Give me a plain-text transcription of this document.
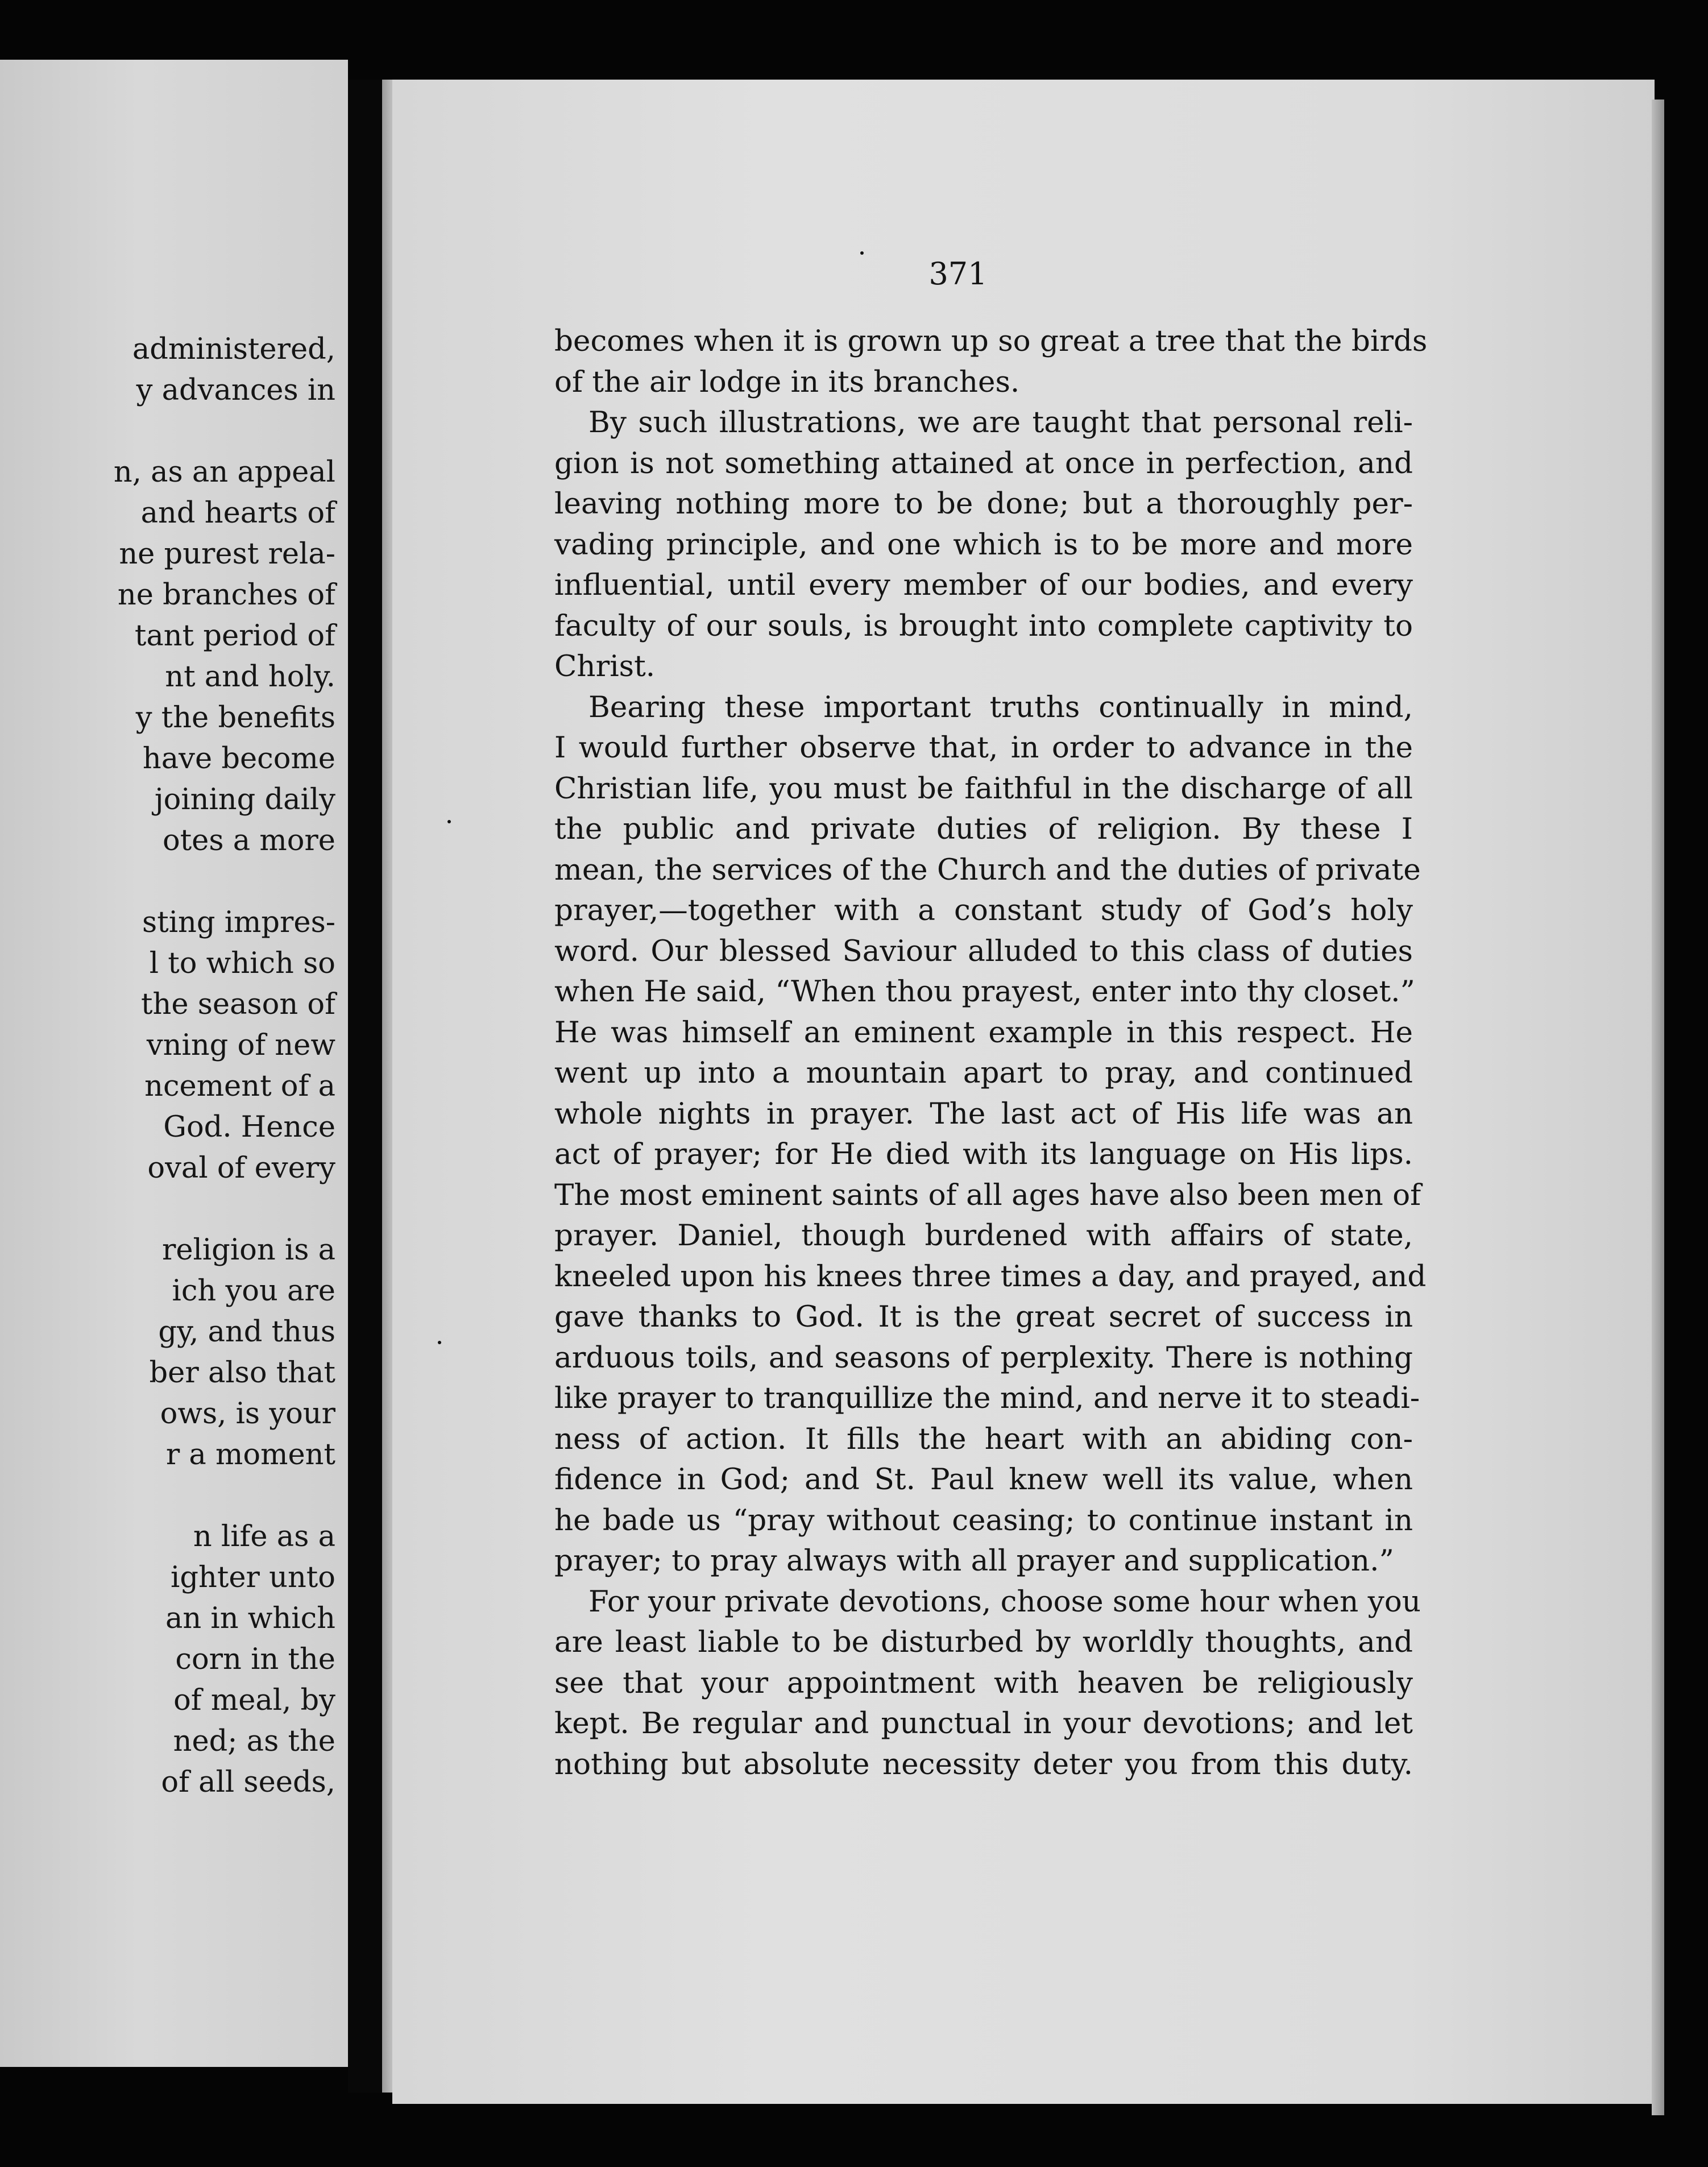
administered,
y advances in
n, as an appeal
and hearts of
ne purest rela-
ne branches of
tant period of
nt and holy.
y the benefits
have become
joining daily
otes a more
sting impres-
l to which so
the season of
vning of new
ncement of a
God. Hence
oval of every
religion is a
ich you are
gy, and thus
ber also that
ows, is your
r a moment
n life as a
ighter unto
an in which
corn in the
of meal, by
ned; as the
of all seeds,
371

becomes when it is grown up so great a tree that the birds
of the air lodge in its branches.

By such illustrations, we are taught that personal reli-
gion is not something attained at once in perfection, and
leaving nothing more to be done; but a thoroughly per-
vading principle, and one which is to be more and more
influential, until every member of our bodies, and every
faculty of our souls, is brought into complete captivity to
Christ.

Bearing these important truths continually in mind,
I would further observe that, in order to advance in the
Christian life, you must be faithful in the discharge of all
the public and private duties of religion. By these I
mean, the services of the Church and the duties of private
prayer,—together with a constant study of God’s holy
word. Our blessed Saviour alluded to this class of duties
when He said, “When thou prayest, enter into thy closet.”
He was himself an eminent example in this respect. He
went up into a mountain apart to pray, and continued
whole nights in prayer. The last act of His life was an
act of prayer; for He died with its language on His lips.
The most eminent saints of all ages have also been men of
prayer. Daniel, though burdened with affairs of state,
kneeled upon his knees three times a day, and prayed, and
gave thanks to God. It is the great secret of success in
arduous toils, and seasons of perplexity. There is nothing
like prayer to tranquillize the mind, and nerve it to steadi-
ness of action. It fills the heart with an abiding con-
fidence in God; and St. Paul knew well its value, when
he bade us “pray without ceasing; to continue instant in
prayer; to pray always with all prayer and supplication.”

For your private devotions, choose some hour when you
are least liable to be disturbed by worldly thoughts, and
see that your appointment with heaven be religiously
kept. Be regular and punctual in your devotions; and let
nothing but absolute necessity deter you from this duty.
